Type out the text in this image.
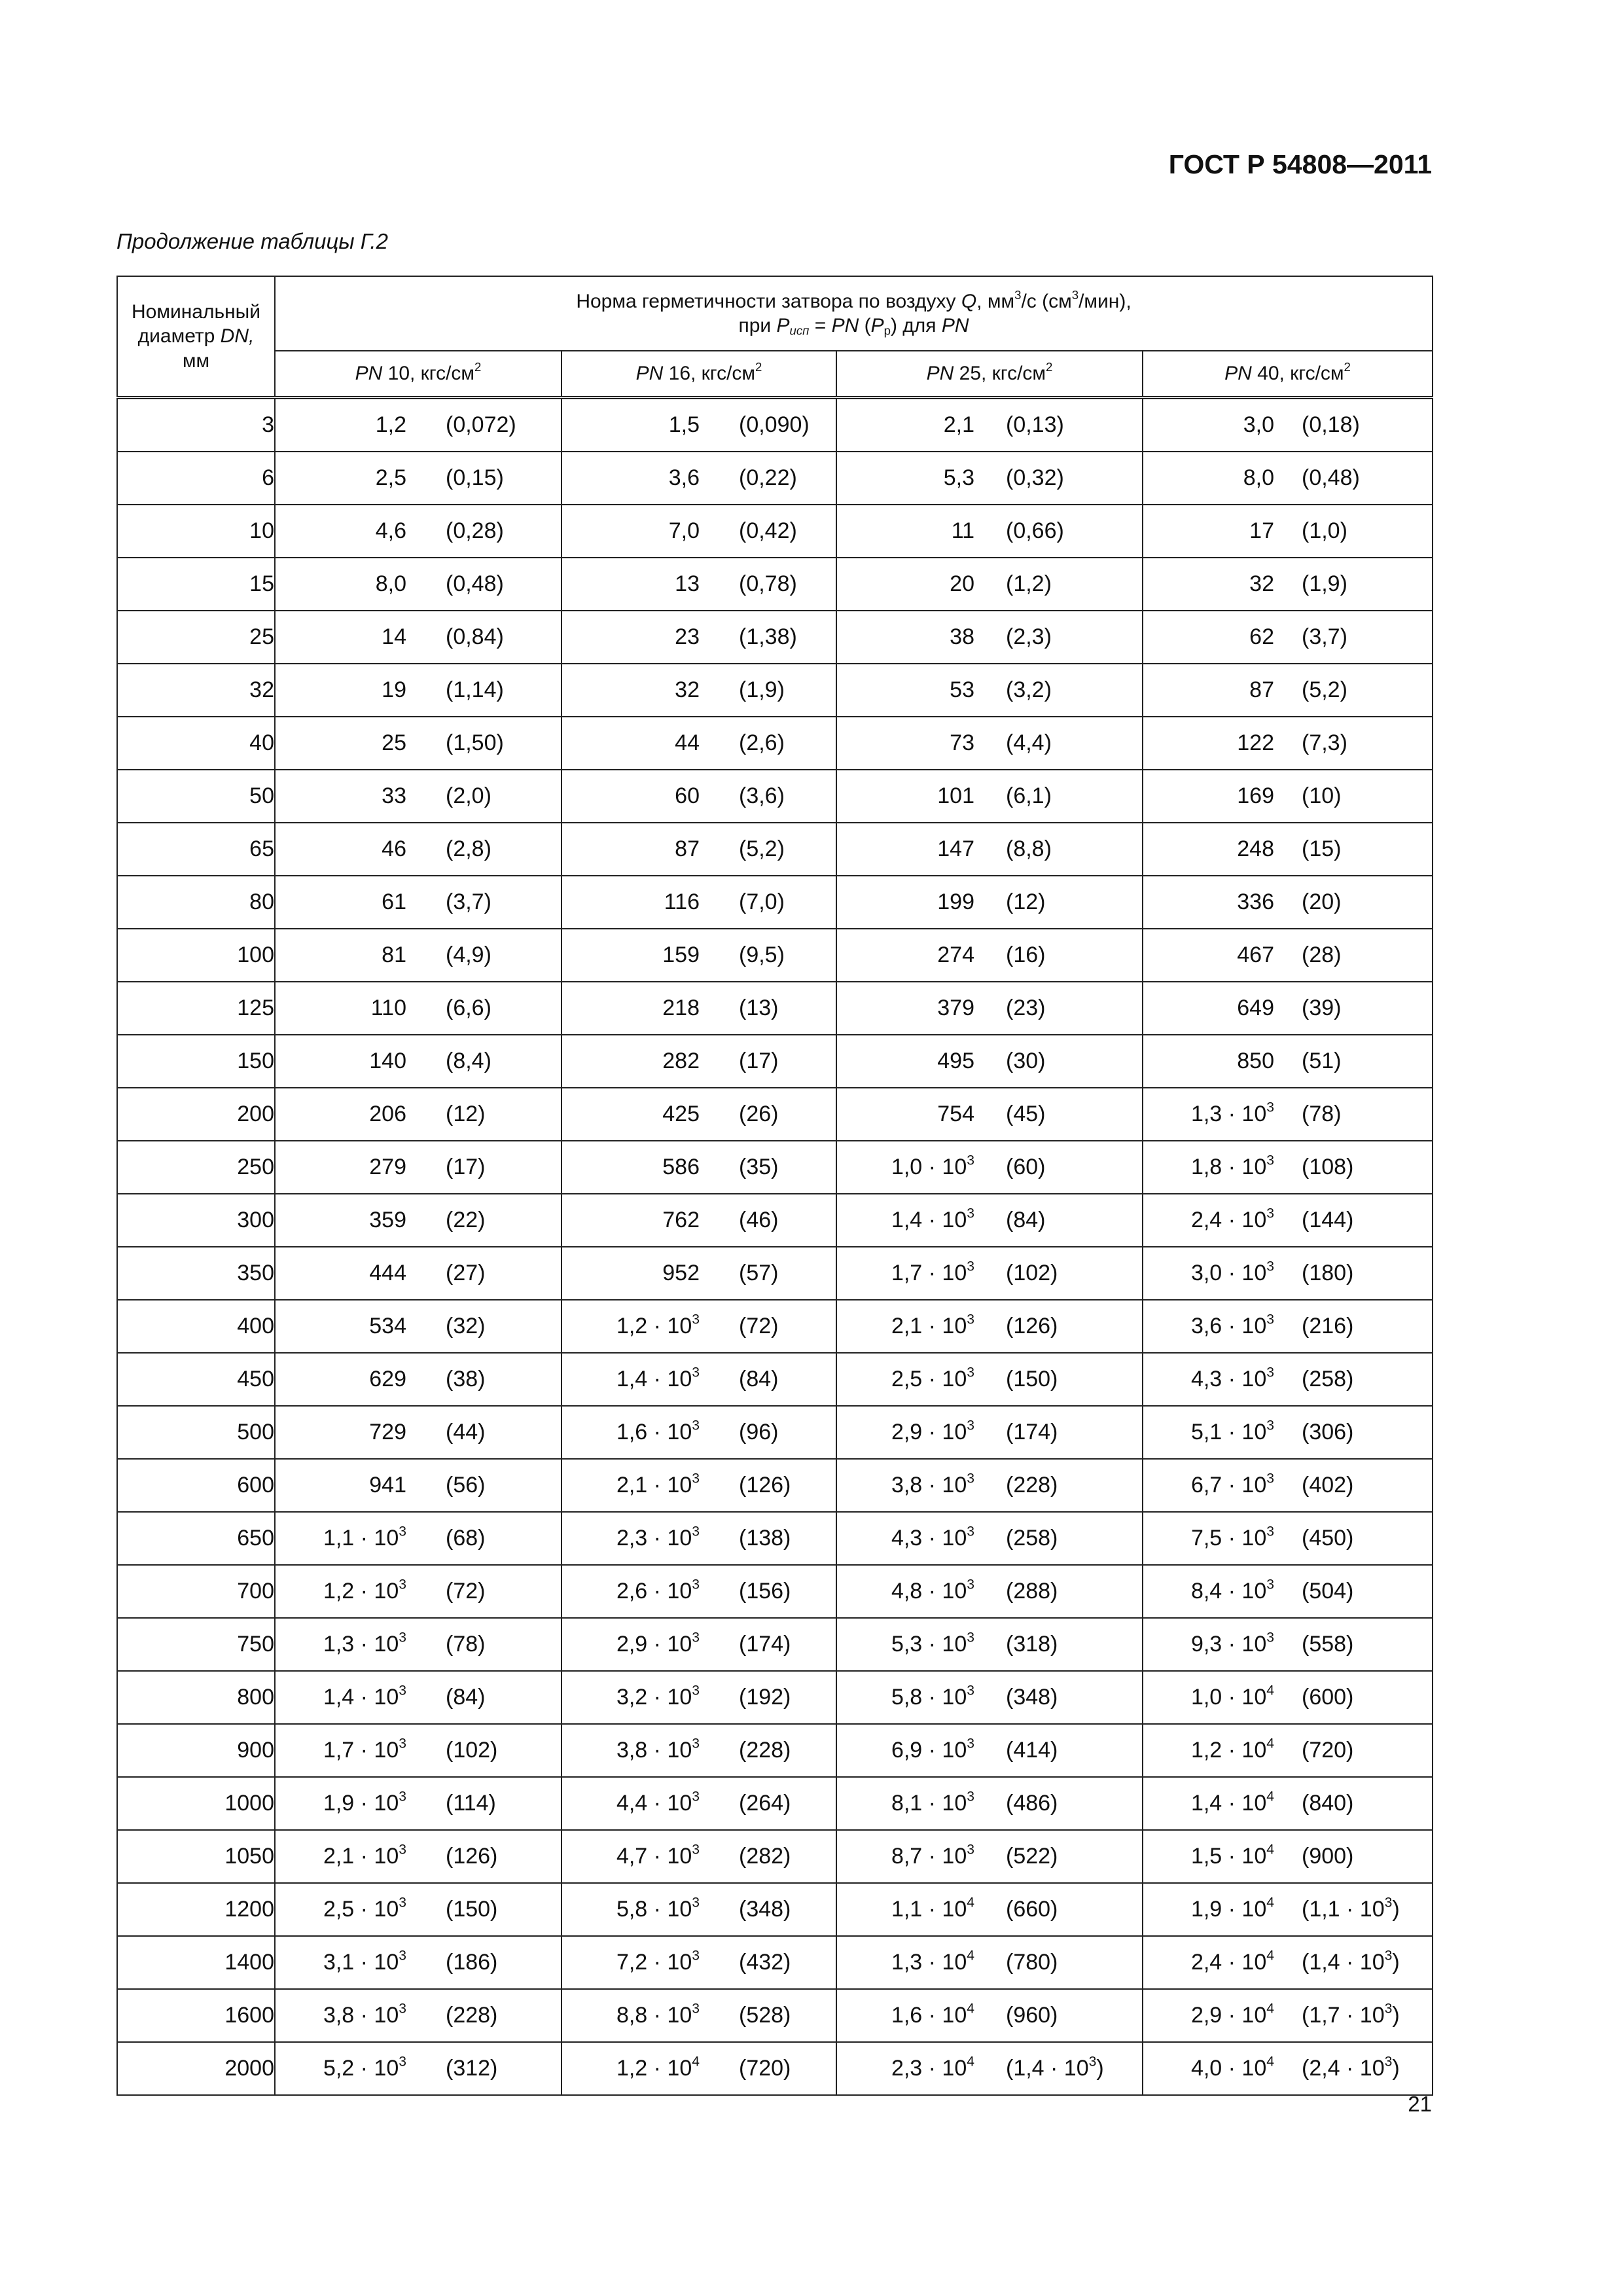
ГОСТ Р 54808—2011
Продолжение таблицы Г.2
Номинальный
диаметр DN,
мм	Норма герметичности затвора по воздуху Q, $мм^3/с$ $(см^3/мин)$,
при $P_{исп}$ = PN $(P_р)$ для PN			
	PN 10, кгс/$см^2$	PN 16, кгс/$см^2$	PN 25, кгс/$см^2$	PN 40, кгс/$см^2$
3	1,2 (0,072)	1,5 (0,090)	2,1 (0,13)	3,0 (0,18)

6	2,5 (0,15)	3,6 (0,22)	5,3 (0,32)	8,0 (0,48)

10	4,6 (0,28)	7,0 (0,42)	11 (0,66)	17 (1,0)

15	8,0 (0,48)	13 (0,78)	20 (1,2)	32 (1,9)

25	14 (0,84)	23 (1,38)	38 (2,3)	62 (3,7)

32	19 (1,14)	32 (1,9)	53 (3,2)	87 (5,2)

40	25 (1,50)	44 (2,6)	73 (4,4)	122 (7,3)

50	33 (2,0)	60 (3,6)	101 (6,1)	169 (10)

65	46 (2,8)	87 (5,2)	147 (8,8)	248 (15)

80	61 (3,7)	116 (7,0)	199 (12)	336 (20)

100	81 (4,9)	159 (9,5)	274 (16)	467 (28)

125	110 (6,6)	218 (13)	379 (23)	649 (39)

150	140 (8,4)	282 (17)	495 (30)	850 (51)

200	206 (12)	425 (26)	754 (45)	$1,3 \cdot 10^3$ (78)

250	279 (17)	586 (35)	$1,0 \cdot 10^3$ (60)	$1,8 \cdot 10^3$ (108)

300	359 (22)	762 (46)	$1,4 \cdot 10^3$ (84)	$2,4 \cdot 10^3$ (144)

350	444 (27)	952 (57)	$1,7 \cdot 10^3$ (102)	$3,0 \cdot 10^3$ (180)

400	534 (32)	$1,2 \cdot 10^3$ (72)	$2,1 \cdot 10^3$ (126)	$3,6 \cdot 10^3$ (216)

450	629 (38)	$1,4 \cdot 10^3$ (84)	$2,5 \cdot 10^3$ (150)	$4,3 \cdot 10^3$ (258)

500	729 (44)	$1,6 \cdot 10^3$ (96)	$2,9 \cdot 10^3$ (174)	$5,1 \cdot 10^3$ (306)

600	941 (56)	$2,1 \cdot 10^3$ (126)	$3,8 \cdot 10^3$ (228)	$6,7 \cdot 10^3$ (402)

650	$1,1 \cdot 10^3$ (68)	$2,3 \cdot 10^3$ (138)	$4,3 \cdot 10^3$ (258)	$7,5 \cdot 10^3$ (450)

700	$1,2 \cdot 10^3$ (72)	$2,6 \cdot 10^3$ (156)	$4,8 \cdot 10^3$ (288)	$8,4 \cdot 10^3$ (504)

750	$1,3 \cdot 10^3$ (78)	$2,9 \cdot 10^3$ (174)	$5,3 \cdot 10^3$ (318)	$9,3 \cdot 10^3$ (558)

800	$1,4 \cdot 10^3$ (84)	$3,2 \cdot 10^3$ (192)	$5,8 \cdot 10^3$ (348)	$1,0 \cdot 10^4$ (600)

900	$1,7 \cdot 10^3$ (102)	$3,8 \cdot 10^3$ (228)	$6,9 \cdot 10^3$ (414)	$1,2 \cdot 10^4$ (720)

1000	$1,9 \cdot 10^3$ (114)	$4,4 \cdot 10^3$ (264)	$8,1 \cdot 10^3$ (486)	$1,4 \cdot 10^4$ (840)

1050	$2,1 \cdot 10^3$ (126)	$4,7 \cdot 10^3$ (282)	$8,7 \cdot 10^3$ (522)	$1,5 \cdot 10^4$ (900)

1200	$2,5 \cdot 10^3$ (150)	$5,8 \cdot 10^3$ (348)	$1,1 \cdot 10^4$ (660)	$1,9 \cdot 10^4$ $(1,1 \cdot 10^3)$

1400	$3,1 \cdot 10^3$ (186)	$7,2 \cdot 10^3$ (432)	$1,3 \cdot 10^4$ (780)	$2,4 \cdot 10^4$ $(1,4 \cdot 10^3)$

1600	$3,8 \cdot 10^3$ (228)	$8,8 \cdot 10^3$ (528)	$1,6 \cdot 10^4$ (960)	$2,9 \cdot 10^4$ $(1,7 \cdot 10^3)$

2000	$5,2 \cdot 10^3$ (312)	$1,2 \cdot 10^4$ (720)	$2,3 \cdot 10^4$ $(1,4 \cdot 10^3)$	$4,0 \cdot 10^4$ $(2,4 \cdot 10^3)$
21
